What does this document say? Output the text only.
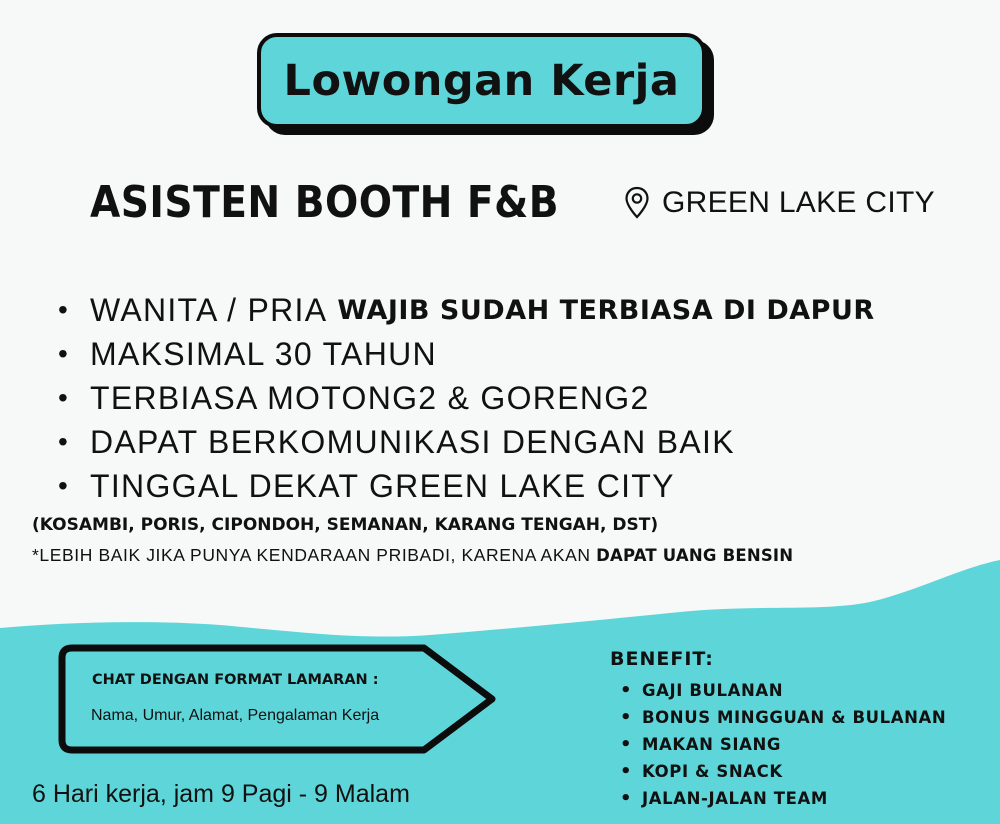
Lowongan Kerja
ASISTEN BOOTH F&B	GREEN LAKE CITY
• WANITA / PRIA WAJIB SUDAH TERBIASA DI DAPUR
• MAKSIMAL 30 TAHUN
• TERBIASA MOTONG2 & GORENG2
• DAPAT BERKOMUNIKASI DENGAN BAIK
• TINGGAL DEKAT GREEN LAKE CITY
(KOSAMBI, PORIS, CIPONDOH, SEMANAN, KARANG TENGAH, DST)
*LEBIH BAIK JIKA PUNYA KENDARAAN PRIBADI, KARENA AKAN DAPAT UANG BENSIN
CHAT DENGAN FORMAT LAMARAN :
Nama, Umur, Alamat, Pengalaman Kerja
6 Hari kerja, jam 9 Pagi - 9 Malam
BENEFIT:
• GAJI BULANAN
• BONUS MINGGUAN & BULANAN
• MAKAN SIANG
• KOPI & SNACK
• JALAN-JALAN TEAM
